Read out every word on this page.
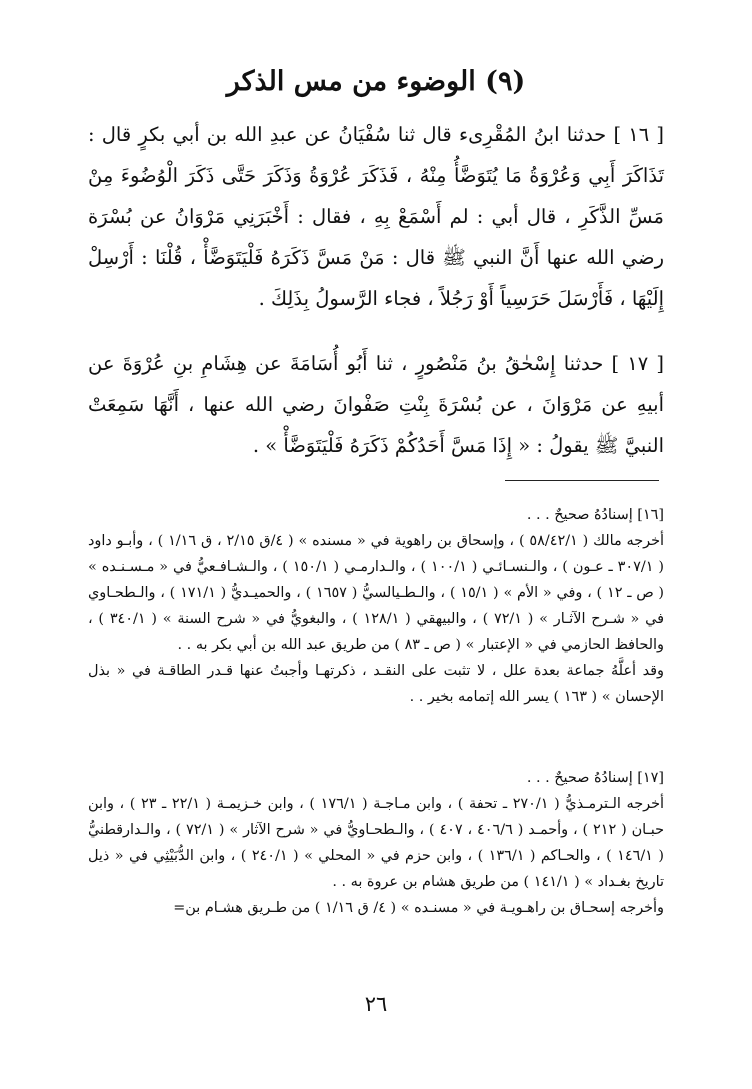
(٩) الوضوء من مس الذكر

[ ١٦ ] حدثنا ابنُ المُقْرِىء قال ثنا سُفْيَانُ عن عبدِ الله بن أبي بكرٍ قال : تَذَاكَرَ أَبِي وَعُرْوَةُ مَا يُتَوَضَّأُ مِنْهُ ، فَذَكَرَ عُرْوَةُ وَذَكَرَ حَتَّى ذَكَرَ الْوُضُوءَ مِنْ مَسِّ الذَّكَرِ ، قال أبي : لم أَسْمَعْ بِهِ ، فقال : أَخْبَرَنِي مَرْوَانُ عن بُسْرَة رضي الله عنها أَنَّ النبي ﷺ قال : مَنْ مَسَّ ذَكَرَهُ فَلْيَتَوَضَّأْ ، قُلْنَا : أَرْسِلْ إِلَيْهَا ، فَأَرْسَلَ حَرَسِياً أَوْ رَجُلاً ، فجاء الرَّسولُ بِذَلِكَ .

[ ١٧ ] حدثنا إِسْحٰقُ بنُ مَنْصُورٍ ، ثنا أَبُو أُسَامَةَ عن هِشَامِ بنِ عُرْوَةَ عن أبيهِ عن مَرْوَانَ ، عن بُسْرَةَ بِنْتِ صَفْوانَ رضي الله عنها ، أَنَّهَا سَمِعَتْ النبيَّ ﷺ يقولُ : « إِذَا مَسَّ أَحَدُكُمْ ذَكَرَهُ فَلْيَتَوَضَّأْ » .

[١٦] إسنادُهُ صحيحٌ . . .
أخرجه مالك ( ٥٨/٤٢/١ ) ، وإسحاق بن راهوية في « مسنده » ( ٤/ق ٢/١٥ ، ق ١/١٦ ) ، وأبـو داود ( ٣٠٧/١ ـ عـون ) ، والـنسـائـي ( ١٠٠/١ ) ، والـدارمـي ( ١٥٠/١ ) ، والـشـافـعيُّ في « مـسـنـده » ( ص ـ ١٢ ) ، وفي « الأم » ( ١٥/١ ) ، والـطـيالسيُّ ( ١٦٥٧ ) ، والحميـديُّ ( ١٧١/١ ) ، والـطحـاوي في « شـرح الآثـار » ( ٧٢/١ ) ، والبيهقي ( ١٢٨/١ ) ، والبغويُّ في « شرح السنة » ( ٣٤٠/١ ) ، والحافظ الحازمي في « الإعتبار » ( ص ـ ٨٣ ) من طريق عبد الله بن أبي بكر به . .
وقد أعلَّهُ جماعة بعدة علل ، لا تثبت على النقـد ، ذكرتهـا وأجبتُ عنها قـدر الطاقـة في « بذل الإحسان » ( ١٦٣ ) يسر الله إتمامه بخير . .
[١٧] إسنادُهُ صحيحٌ . . .
أخرجه الـترمـذيُّ ( ٢٧٠/١ ـ تحفة ) ، وابن مـاجـة ( ١٧٦/١ ) ، وابن خـزيمـة ( ٢٢/١ ـ ٢٣ ) ، وابن حبـان ( ٢١٢ ) ، وأحمـد ( ٤٠٦/٦ ، ٤٠٧ ) ، والـطحـاويُّ في « شرح الآثار » ( ٧٢/١ ) ، والـدارقطنيُّ ( ١٤٦/١ ) ، والحـاكم ( ١٣٦/١ ) ، وابن حزم في « المحلي » ( ٢٤٠/١ ) ، وابن الدُّبَيْثِي في « ذيل تاريخ بغـداد » ( ١٤١/١ ) من طريق هشام بن عروة به . .
وأخرجه إسحـاق بن راهـويـة في « مسنـده » ( ٤/ ق ١/١٦ ) من طـريق هشـام بن=
٢٦
